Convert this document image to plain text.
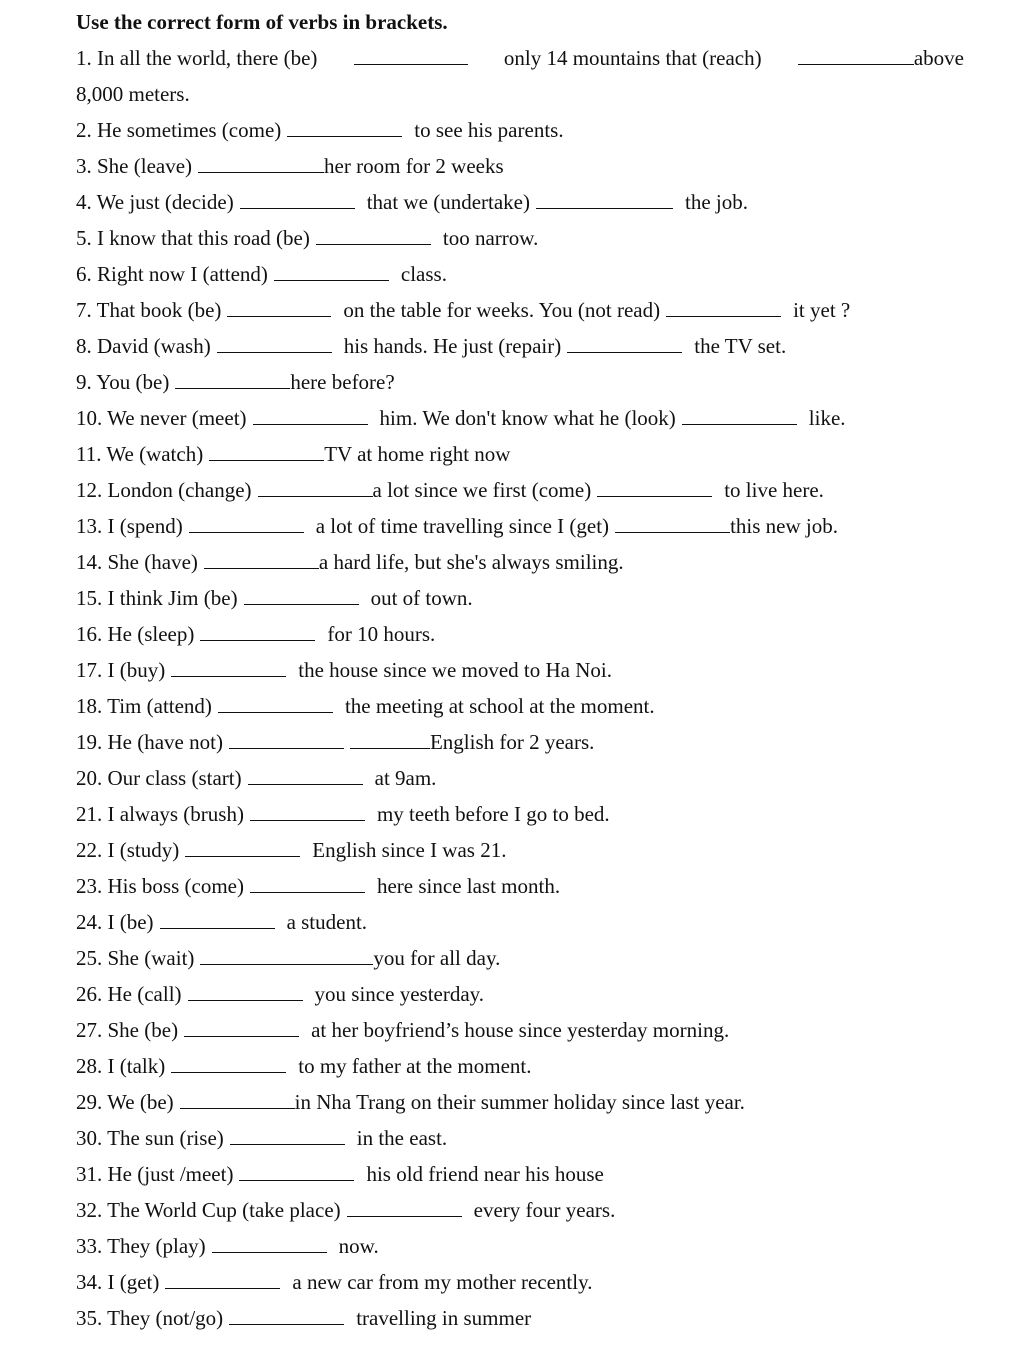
Use the correct form of verbs in brackets.
1. In all the world, there (be)	only 14 mountains that (reach)	above
8,000 meters.
2. He sometimes (come)	to see his parents.
3. She (leave)	her room for 2 weeks
4. We just (decide)	that we (undertake)	the job.
5. I know that this road (be)	too narrow.
6. Right now I (attend)	class.
7. That book (be)	on the table for weeks. You (not read)	it yet ?
8. David (wash)	his hands. He just (repair)	the TV set.
9. You (be)	here before?
10. We never (meet)	him. We don't know what he (look)	like.
11. We (watch)	TV at home right now
12. London (change)	a lot since we first (come)	to live here.
13. I (spend)	a lot of time travelling since I (get)	this new job.
14. She (have)	a hard life, but she's always smiling.
15. I think Jim (be)	out of town.
16. He (sleep)	for 10 hours.
17. I (buy)	the house since we moved to Ha Noi.
18. Tim (attend)	the meeting at school at the moment.
19. He (have not)	English for 2 years.
20. Our class (start)	at 9am.
21. I always (brush)	my teeth before I go to bed.
22. I (study)	English since I was 21.
23. His boss (come)	here since last month.
24. I (be)	a student.
25. She (wait)	you for all day.
26. He (call)	you since yesterday.
27. She (be)	at her boyfriend’s house since yesterday morning.
28. I (talk)	to my father at the moment.
29. We (be)	in Nha Trang on their summer holiday since last year.
30. The sun (rise)	in the east.
31. He (just /meet)	his old friend near his house
32. The World Cup (take place)	every four years.
33. They (play)	now.
34. I (get)	a new car from my mother recently.
35. They (not/go)	travelling in summer
